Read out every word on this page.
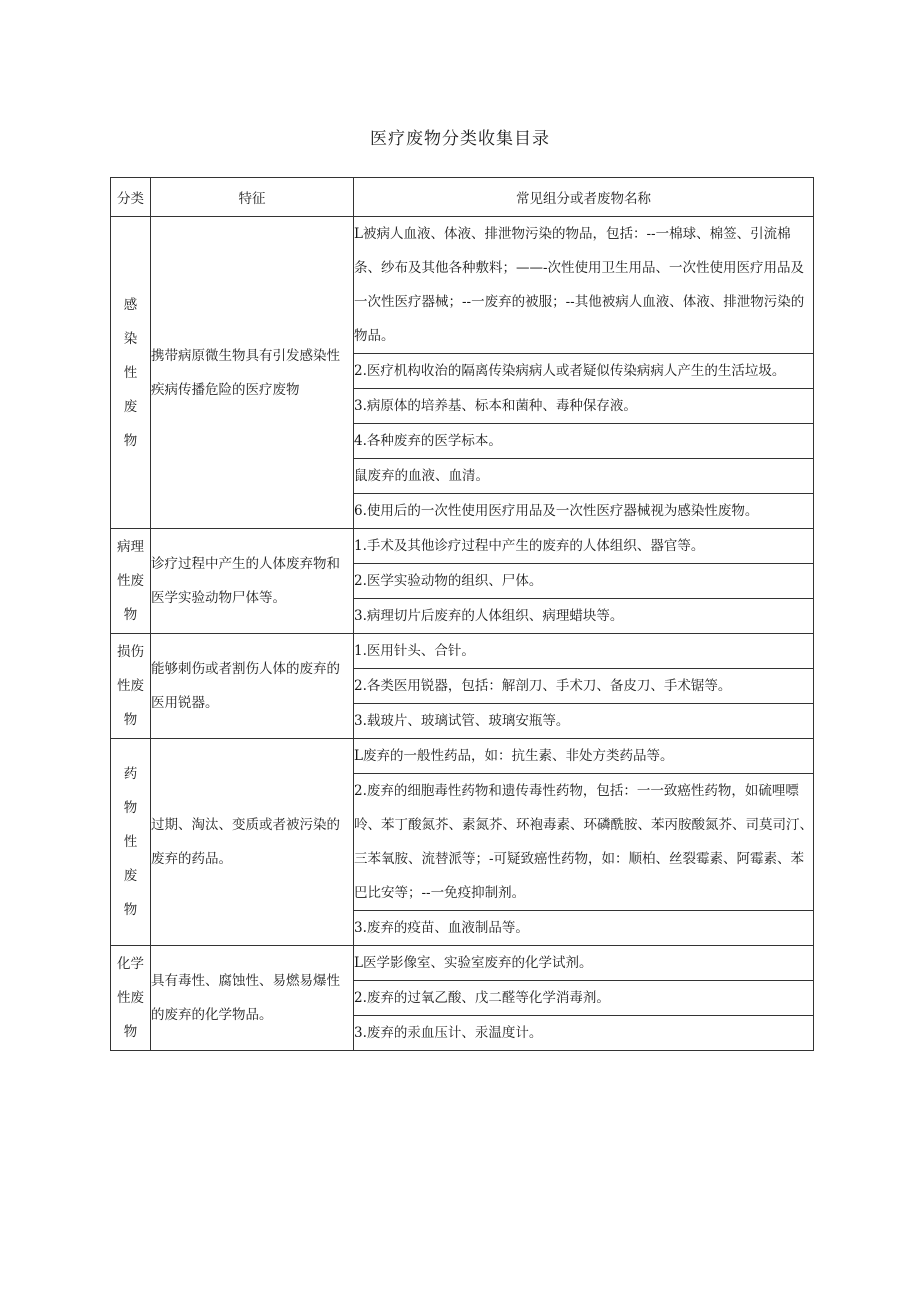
医疗废物分类收集目录
分类	特征	常见组分或者废物名称
感染性废物	携带病原微生物具有引发感染性疾病传播危险的医疗废物	L被病人血液、体液、排泄物污染的物品，包括：--一棉球、棉签、引流棉条、纱布及其他各种敷料；——-次性使用卫生用品、一次性使用医疗用品及一次性医疗器械；--一废弃的被服；--其他被病人血液、体液、排泄物污染的物品。
		2.医疗机构收治的隔离传染病病人或者疑似传染病病人产生的生活垃圾。
		3.病原体的培养基、标本和菌种、毒种保存液。
		4.各种废弃的医学标本。
		鼠废弃的血液、血清。
		6.使用后的一次性使用医疗用品及一次性医疗器械视为感染性废物。
病理性废物	诊疗过程中产生的人体废弃物和医学实验动物尸体等。	1.手术及其他诊疗过程中产生的废弃的人体组织、器官等。
		2.医学实验动物的组织、尸体。
		3.病理切片后废弃的人体组织、病理蜡块等。
损伤性废物	能够刺伤或者割伤人体的废弃的医用锐器。	1.医用针头、合针。
		2.各类医用锐器，包括：解剖刀、手术刀、备皮刀、手术锯等。
		3.载玻片、玻璃试管、玻璃安瓶等。
药物性废物	过期、淘汰、变质或者被污染的废弃的药品。	L废弃的一般性药品，如：抗生素、非处方类药品等。
		2.废弃的细胞毒性药物和遗传毒性药物，包括：一一致癌性药物，如硫哩嘌呤、苯丁酸氮芥、素氮芥、环袍毒素、环磷酰胺、苯丙胺酸氮芥、司莫司汀、三苯氧胺、流替派等；-可疑致癌性药物，如：顺柏、丝裂霉素、阿霉素、苯巴比安等；--一免疫抑制剂。
		3.废弃的疫苗、血液制品等。
化学性废物	具有毒性、腐蚀性、易燃易爆性的废弃的化学物品。	L医学影像室、实验室废弃的化学试剂。
		2.废弃的过氧乙酸、戊二醛等化学消毒剂。
		3.废弃的汞血压计、汞温度计。
